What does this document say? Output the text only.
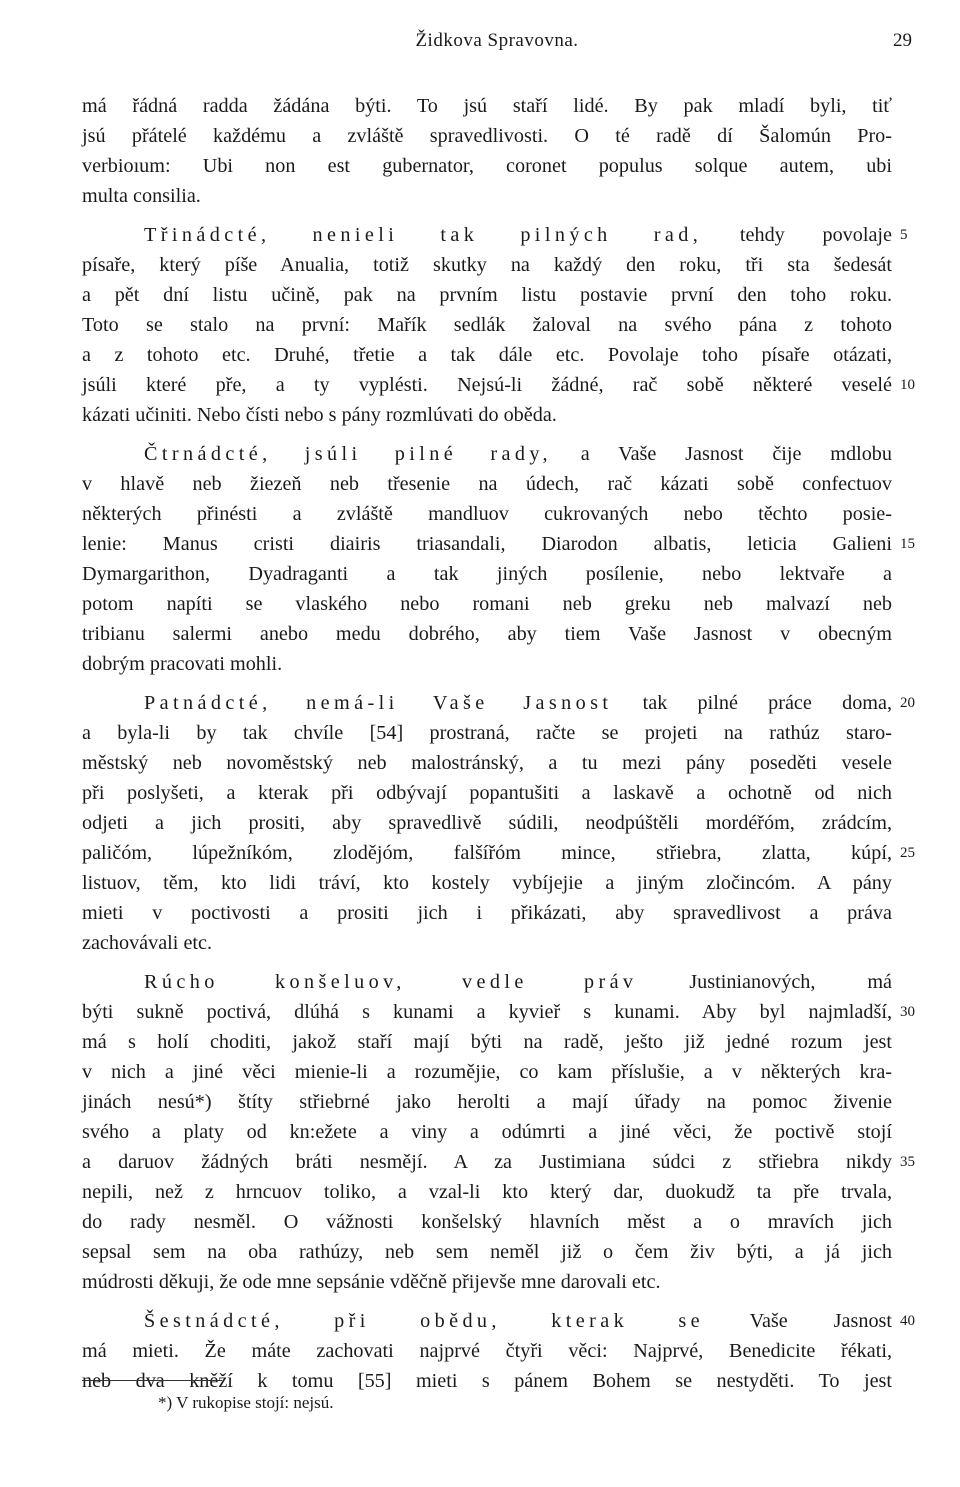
Židkova Spravovna.	29
má řádná radda žádána býti. To jsú staří lidé. By pak mladí byli, tiť
jsú přátelé každému a zvláště spravedlivosti. O té radě dí Šalomún Pro-
verbioıum: Ubi non est gubernator, coronet populus solque autem, ubi
multa consilia.
Třinádcté, nenieli tak pilných rad, tehdy povolaje 5
písaře, který píše Anualia, totiž skutky na každý den roku, tři sta šedesát
a pět dní listu učině, pak na prvním listu postavie první den toho roku.
Toto se stalo na první: Mařík sedlák žaloval na svého pána z tohoto
a z tohoto etc. Druhé, třetie a tak dále etc. Povolaje toho písaře otázati,
jsúli které pře, a ty vyplésti. Nejsú-li žádné, rač sobě některé veselé 10
kázati učiniti. Nebo čísti nebo s pány rozmlúvati do oběda.
Čtrnádcté, jsúli pilné rady, a Vaše Jasnost čije mdlobu
v hlavě neb žiezeň neb třesenie na údech, rač kázati sobě confectuov
některých přinésti a zvláště mandluov cukrovaných nebo těchto posie-
lenie: Manus cristi diairis triasandali, Diarodon albatis, leticia Galieni 15
Dymargarithon, Dyadraganti a tak jiných posílenie, nebo lektvaře a
potom napíti se vlaského nebo romani neb greku neb malvazí neb
tribianu salermi anebo medu dobrého, aby tiem Vaše Jasnost v obecným
dobrým pracovati mohli.
Patnádcté, nemá-li Vaše Jasnost tak pilné práce doma, 20
a byla-li by tak chvíle [54] prostraná, račte se projeti na rathúz staro-
městský neb novoměstský neb malostránský, a tu mezi pány poseděti vesele
při poslyšeti, a kterak při odbývají popantušiti a laskavě a ochotně od nich
odjeti a jich prositi, aby spravedlivě súdili, neodpúštěli mordéřóm, zrádcím,
paličóm, lúpežníkóm, zlodějóm, falšířóm mince, střiebra, zlatta, kúpí, 25
listuov, těm, kto lidi tráví, kto kostely vybíjejie a jiným zločincóm. A pány
mieti v poctivosti a prositi jich i přikázati, aby spravedlivost a práva
zachovávali etc.
Rúcho konšeluov, vedle práv Justinianových, má
býti sukně poctivá, dlúhá s kunami a kyvieř s kunami. Aby byl najmladší, 30
má s holí choditi, jakož staří mají býti na radě, ješto již jedné rozum jest
v nich a jiné věci mienie-li a rozumějie, co kam příslušie, a v některých kra-
jinách nesú*) štíty střiebrné jako herolti a mají úřady na pomoc živenie
svého a platy od kn:ežete a viny a odúmrti a jiné věci, že poctivě stojí
a daruov žádných bráti nesmějí. A za Justimiana súdci z střiebra nikdy 35
nepili, než z hrncuov toliko, a vzal-li kto který dar, duokudž ta pře trvala,
do rady nesměl. O vážnosti konšelský hlavních měst a o mravích jich
sepsal sem na oba rathúzy, neb sem neměl již o čem živ býti, a já jich
múdrosti děkuji, že ode mne sepsánie vděčně přijevše mne darovali etc.
Šestnádcté, při obědu, kterak se Vaše Jasnost 40
má mieti. Že máte zachovati najprvé čtyři věci: Najprvé, Benedicite řékati,
neb dva kněží k tomu [55] mieti s pánem Bohem se nestyděti. To jest
*) V rukopise stojí: nejsú.
